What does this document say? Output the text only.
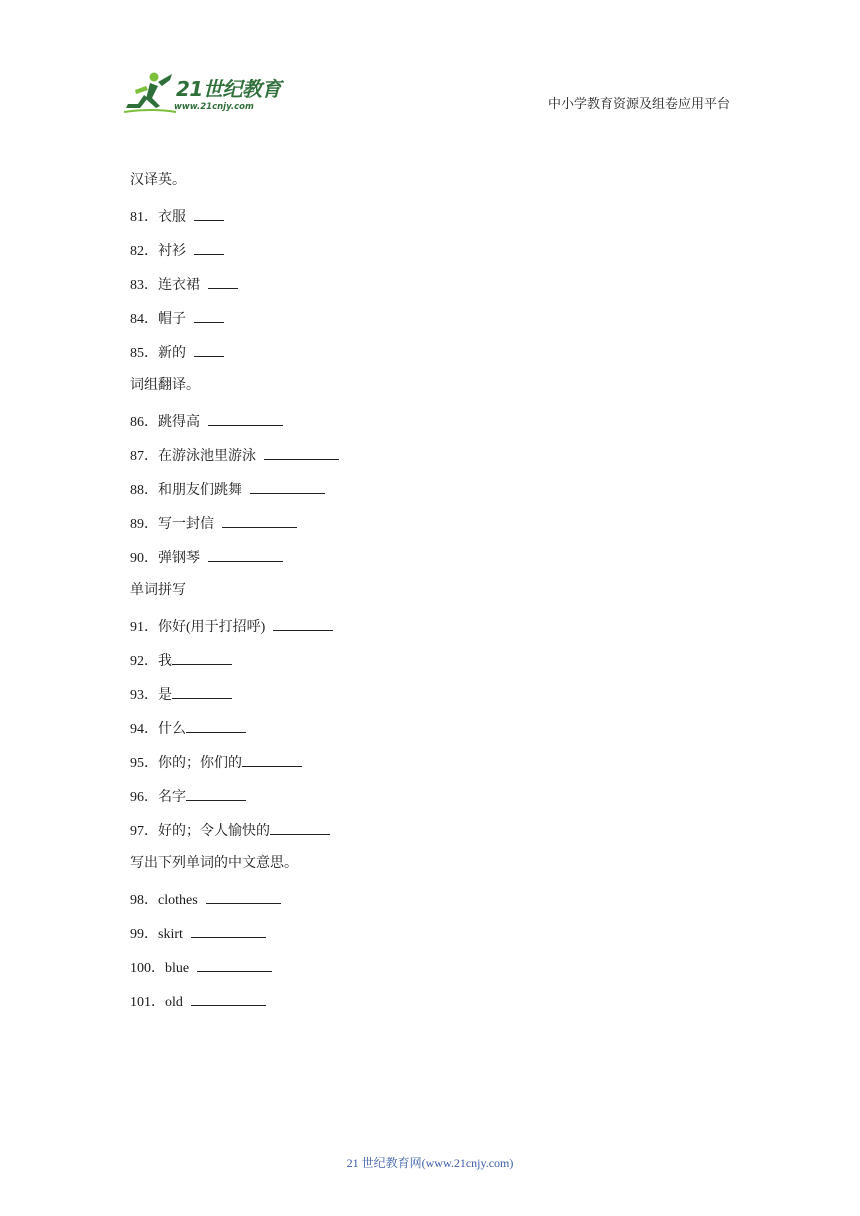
21世纪教育
www.21cnjy.com	中小学教育资源及组卷应用平台
汉译英。
81．衣服
82．衬衫
83．连衣裙
84．帽子
85．新的
词组翻译。
86．跳得高
87．在游泳池里游泳
88．和朋友们跳舞
89．写一封信
90．弹钢琴
单词拼写
91．你好(用于打招呼)
92．我
93．是
94．什么
95．你的；你们的
96．名字
97．好的；令人愉快的
写出下列单词的中文意思。
98．clothes
99．skirt
100．blue
101．old
21 世纪教育网(www.21cnjy.com)
